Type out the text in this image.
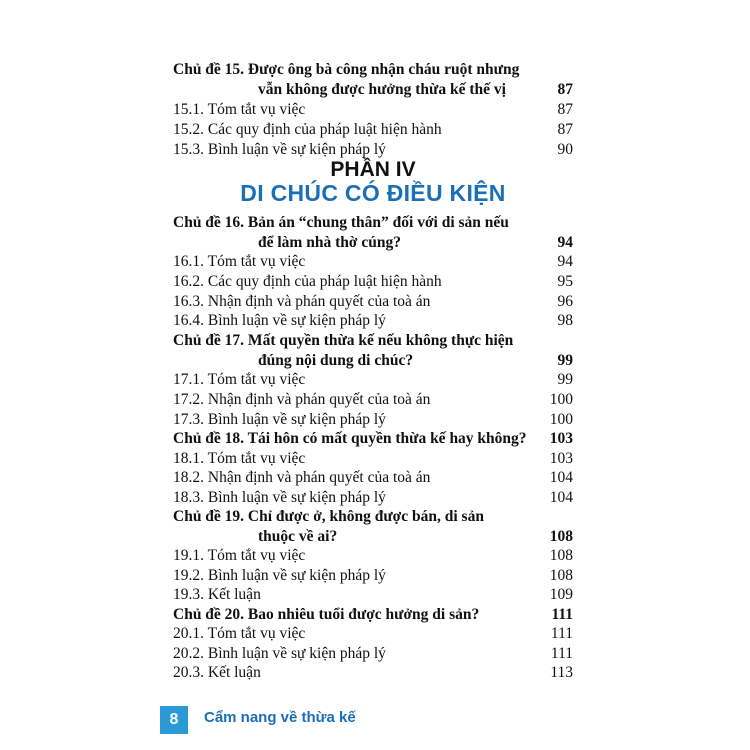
PHẦN IV
DI CHÚC CÓ ĐIỀU KIỆN
Chủ đề 15. Được ông bà công nhận cháu ruột nhưng
vẫn không được hưởng thừa kế thế vị	87
15.1. Tóm tắt vụ việc	87
15.2. Các quy định của pháp luật hiện hành	87
15.3. Bình luận về sự kiện pháp lý	90
Chủ đề 16. Bản án “chung thân” đối với di sản nếu
để làm nhà thờ cúng?	94
16.1. Tóm tắt vụ việc	94
16.2. Các quy định của pháp luật hiện hành	95
16.3. Nhận định và phán quyết của toà án	96
16.4. Bình luận về sự kiện pháp lý	98
Chủ đề 17. Mất quyền thừa kế nếu không thực hiện
đúng nội dung di chúc?	99
17.1. Tóm tắt vụ việc	99
17.2. Nhận định và phán quyết của toà án	100
17.3. Bình luận về sự kiện pháp lý	100
Chủ đề 18. Tái hôn có mất quyền thừa kế hay không? 103
18.1. Tóm tắt vụ việc	103
18.2. Nhận định và phán quyết của toà án	104
18.3. Bình luận về sự kiện pháp lý	104
Chủ đề 19. Chỉ được ở, không được bán, di sản
thuộc về ai?	108
19.1. Tóm tắt vụ việc	108
19.2. Bình luận về sự kiện pháp lý	108
19.3. Kết luận	109
Chủ đề 20. Bao nhiêu tuổi được hưởng di sản?	111
20.1. Tóm tắt vụ việc	111
20.2. Bình luận về sự kiện pháp lý	111
20.3. Kết luận	113
8	Cẩm nang về thừa kế
